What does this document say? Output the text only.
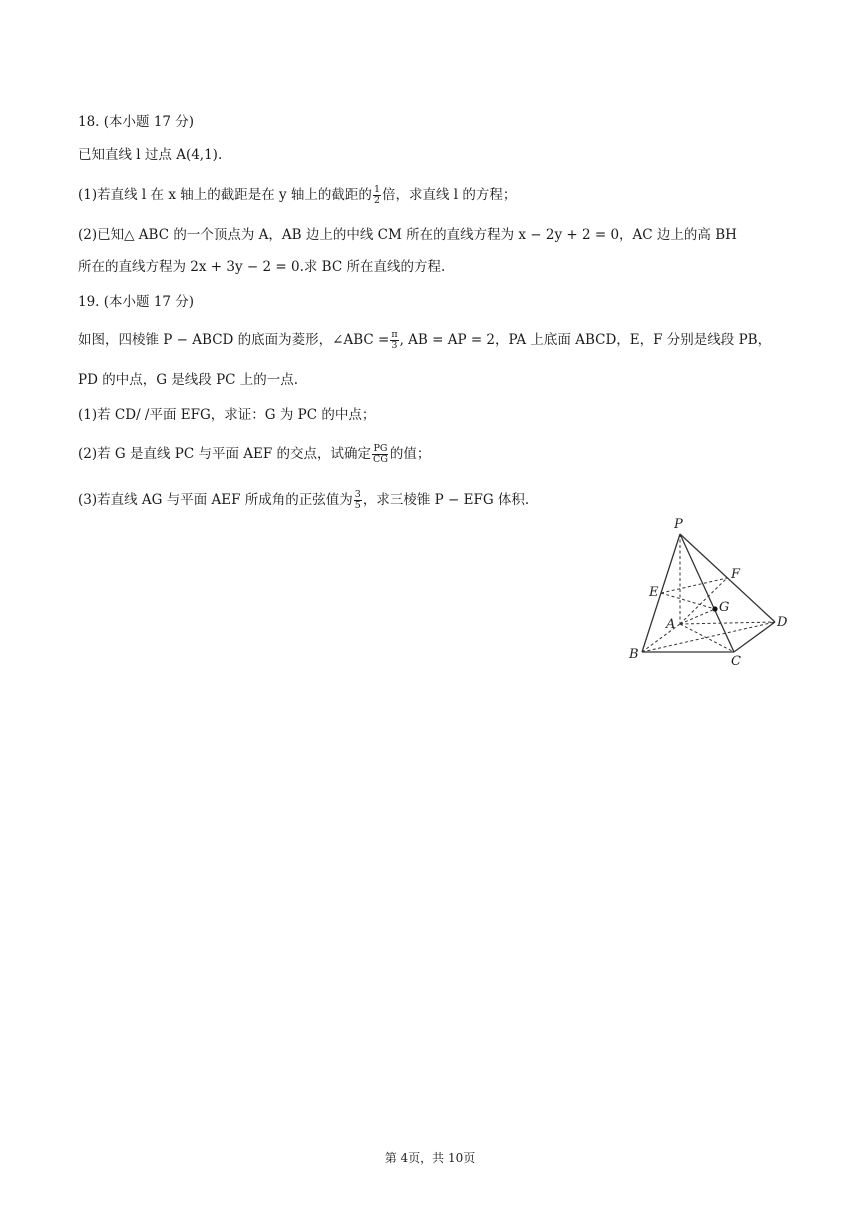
18. (本小题 17 分)
已知直线 l 过点 A(4,1).
(1)若直线 l 在 x 轴上的截距是在 y 轴上的截距的 $\frac{1}{2}$ 倍，求直线 l 的方程；
(2)已知△ ABC 的一个顶点为 A，AB 边上的中线 CM 所在的直线方程为 x − 2y + 2 = 0，AC 边上的高 BH
所在的直线方程为 2x + 3y − 2 = 0.求 BC 所在直线的方程.
19. (本小题 17 分)
如图，四棱锥 P − ABCD 的底面为菱形，∠ABC = $\frac{\pi}{3}$ , AB = AP = 2，PA 上底面 ABCD，E，F 分别是线段 PB，
PD 的中点，G 是线段 PC 上的一点.
(1)若 CD/ /平面 EFG，求证：G 为 PC 的中点；
(2)若 G 是直线 PC 与平面 AEF 的交点，试确定 $\frac{PG}{CG}$ 的值；
(3)若直线 AG 与平面 AEF 所成角的正弦值为 $\frac{3}{5}$ ，求三棱锥 P − EFG 体积.
P
E
F
G
A	D
B	C
第 4页，共 10页
